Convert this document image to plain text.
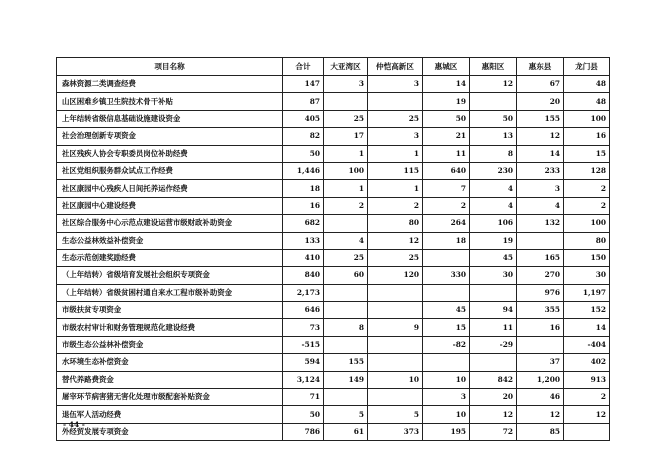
项目名称	合计	大亚湾区	仲恺高新区	惠城区	惠阳区	惠东县	龙门县
森林资源二类调查经费	147	3	3	14	12	67	48
山区困难乡镇卫生院技术骨干补贴	87			19		20	48
上年结转省级信息基础设施建设资金	405	25	25	50	50	155	100
社会治理创新专项资金	82	17	3	21	13	12	16
社区残疾人协会专职委员岗位补助经费	50	1	1	11	8	14	15
社区党组织服务群众试点工作经费	1,446	100	115	640	230	233	128
社区康园中心残疾人日间托养运作经费	18	1	1	7	4	3	2
社区康园中心建设经费	16	2	2	2	4	4	2
社区综合服务中心示范点建设运营市级财政补助资金	682		80	264	106	132	100
生态公益林效益补偿资金	133	4	12	18	19		80
生态示范创建奖励经费	410	25	25		45	165	150
（上年结转）省级培育发展社会组织专项资金	840	60	120	330	30	270	30
（上年结转）省级贫困村通自来水工程市级补助资金	2,173					976	1,197
市级扶贫专项资金	646			45	94	355	152
市级农村审计和财务管理规范化建设经费	73	8	9	15	11	16	14
市级生态公益林补偿资金	-515			-82	-29		-404
水环境生态补偿资金	594	155				37	402
替代养路费资金	3,124	149	10	10	842	1,200	913
屠宰环节病害猪无害化处理市级配套补贴资金	71			3	20	46	2
退伍军人活动经费	50	5	5	10	12	12	12
外经贸发展专项资金	786	61	373	195	72	85	
- 44 -
